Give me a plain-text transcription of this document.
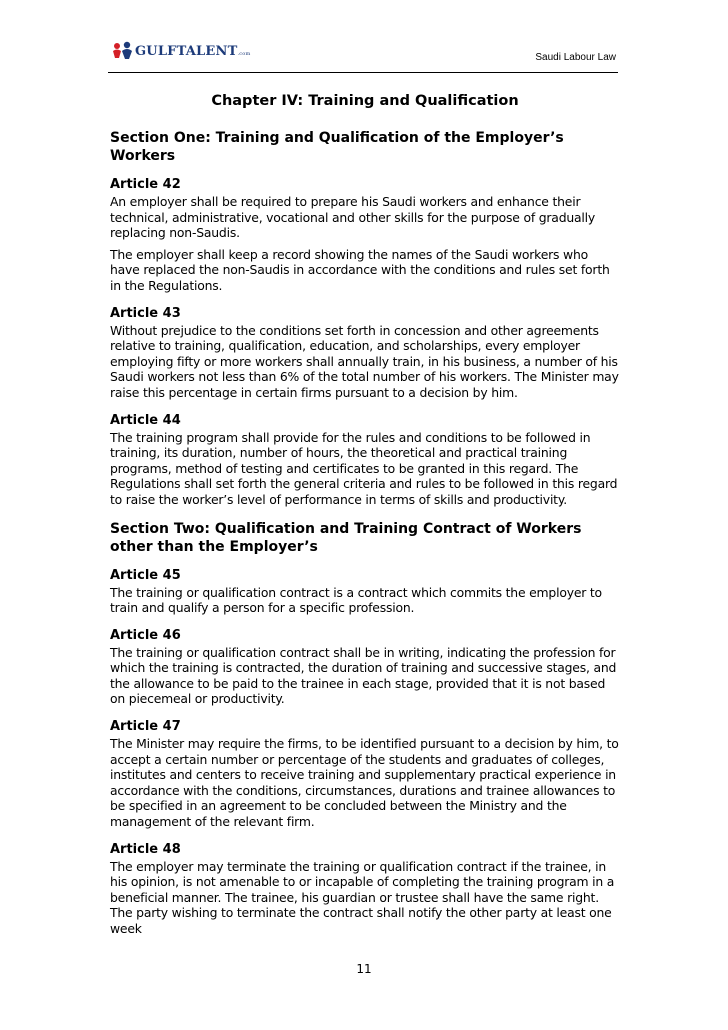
GULFTALENT.com	Saudi Labour Law
Chapter IV: Training and Qualification
Section One: Training and Qualification of the Employer’s Workers
Article 42
An employer shall be required to prepare his Saudi workers and enhance their technical, administrative, vocational and other skills for the purpose of gradually replacing non-Saudis.
The employer shall keep a record showing the names of the Saudi workers who have replaced the non-Saudis in accordance with the conditions and rules set forth in the Regulations.
Article 43
Without prejudice to the conditions set forth in concession and other agreements relative to training, qualification, education, and scholarships, every employer employing fifty or more workers shall annually train, in his business, a number of his Saudi workers not less than 6% of the total number of his workers. The Minister may raise this percentage in certain firms pursuant to a decision by him.
Article 44
The training program shall provide for the rules and conditions to be followed in training, its duration, number of hours, the theoretical and practical training programs, method of testing and certificates to be granted in this regard. The Regulations shall set forth the general criteria and rules to be followed in this regard to raise the worker’s level of performance in terms of skills and productivity.
Section Two: Qualification and Training Contract of Workers other than the Employer’s
Article 45
The training or qualification contract is a contract which commits the employer to train and qualify a person for a specific profession.
Article 46
The training or qualification contract shall be in writing, indicating the profession for which the training is contracted, the duration of training and successive stages, and the allowance to be paid to the trainee in each stage, provided that it is not based on piecemeal or productivity.
Article 47
The Minister may require the firms, to be identified pursuant to a decision by him, to accept a certain number or percentage of the students and graduates of colleges, institutes and centers to receive training and supplementary practical experience in accordance with the conditions, circumstances, durations and trainee allowances to be specified in an agreement to be concluded between the Ministry and the management of the relevant firm.
Article 48
The employer may terminate the training or qualification contract if the trainee, in his opinion, is not amenable to or incapable of completing the training program in a beneficial manner. The trainee, his guardian or trustee shall have the same right. The party wishing to terminate the contract shall notify the other party at least one week
11
